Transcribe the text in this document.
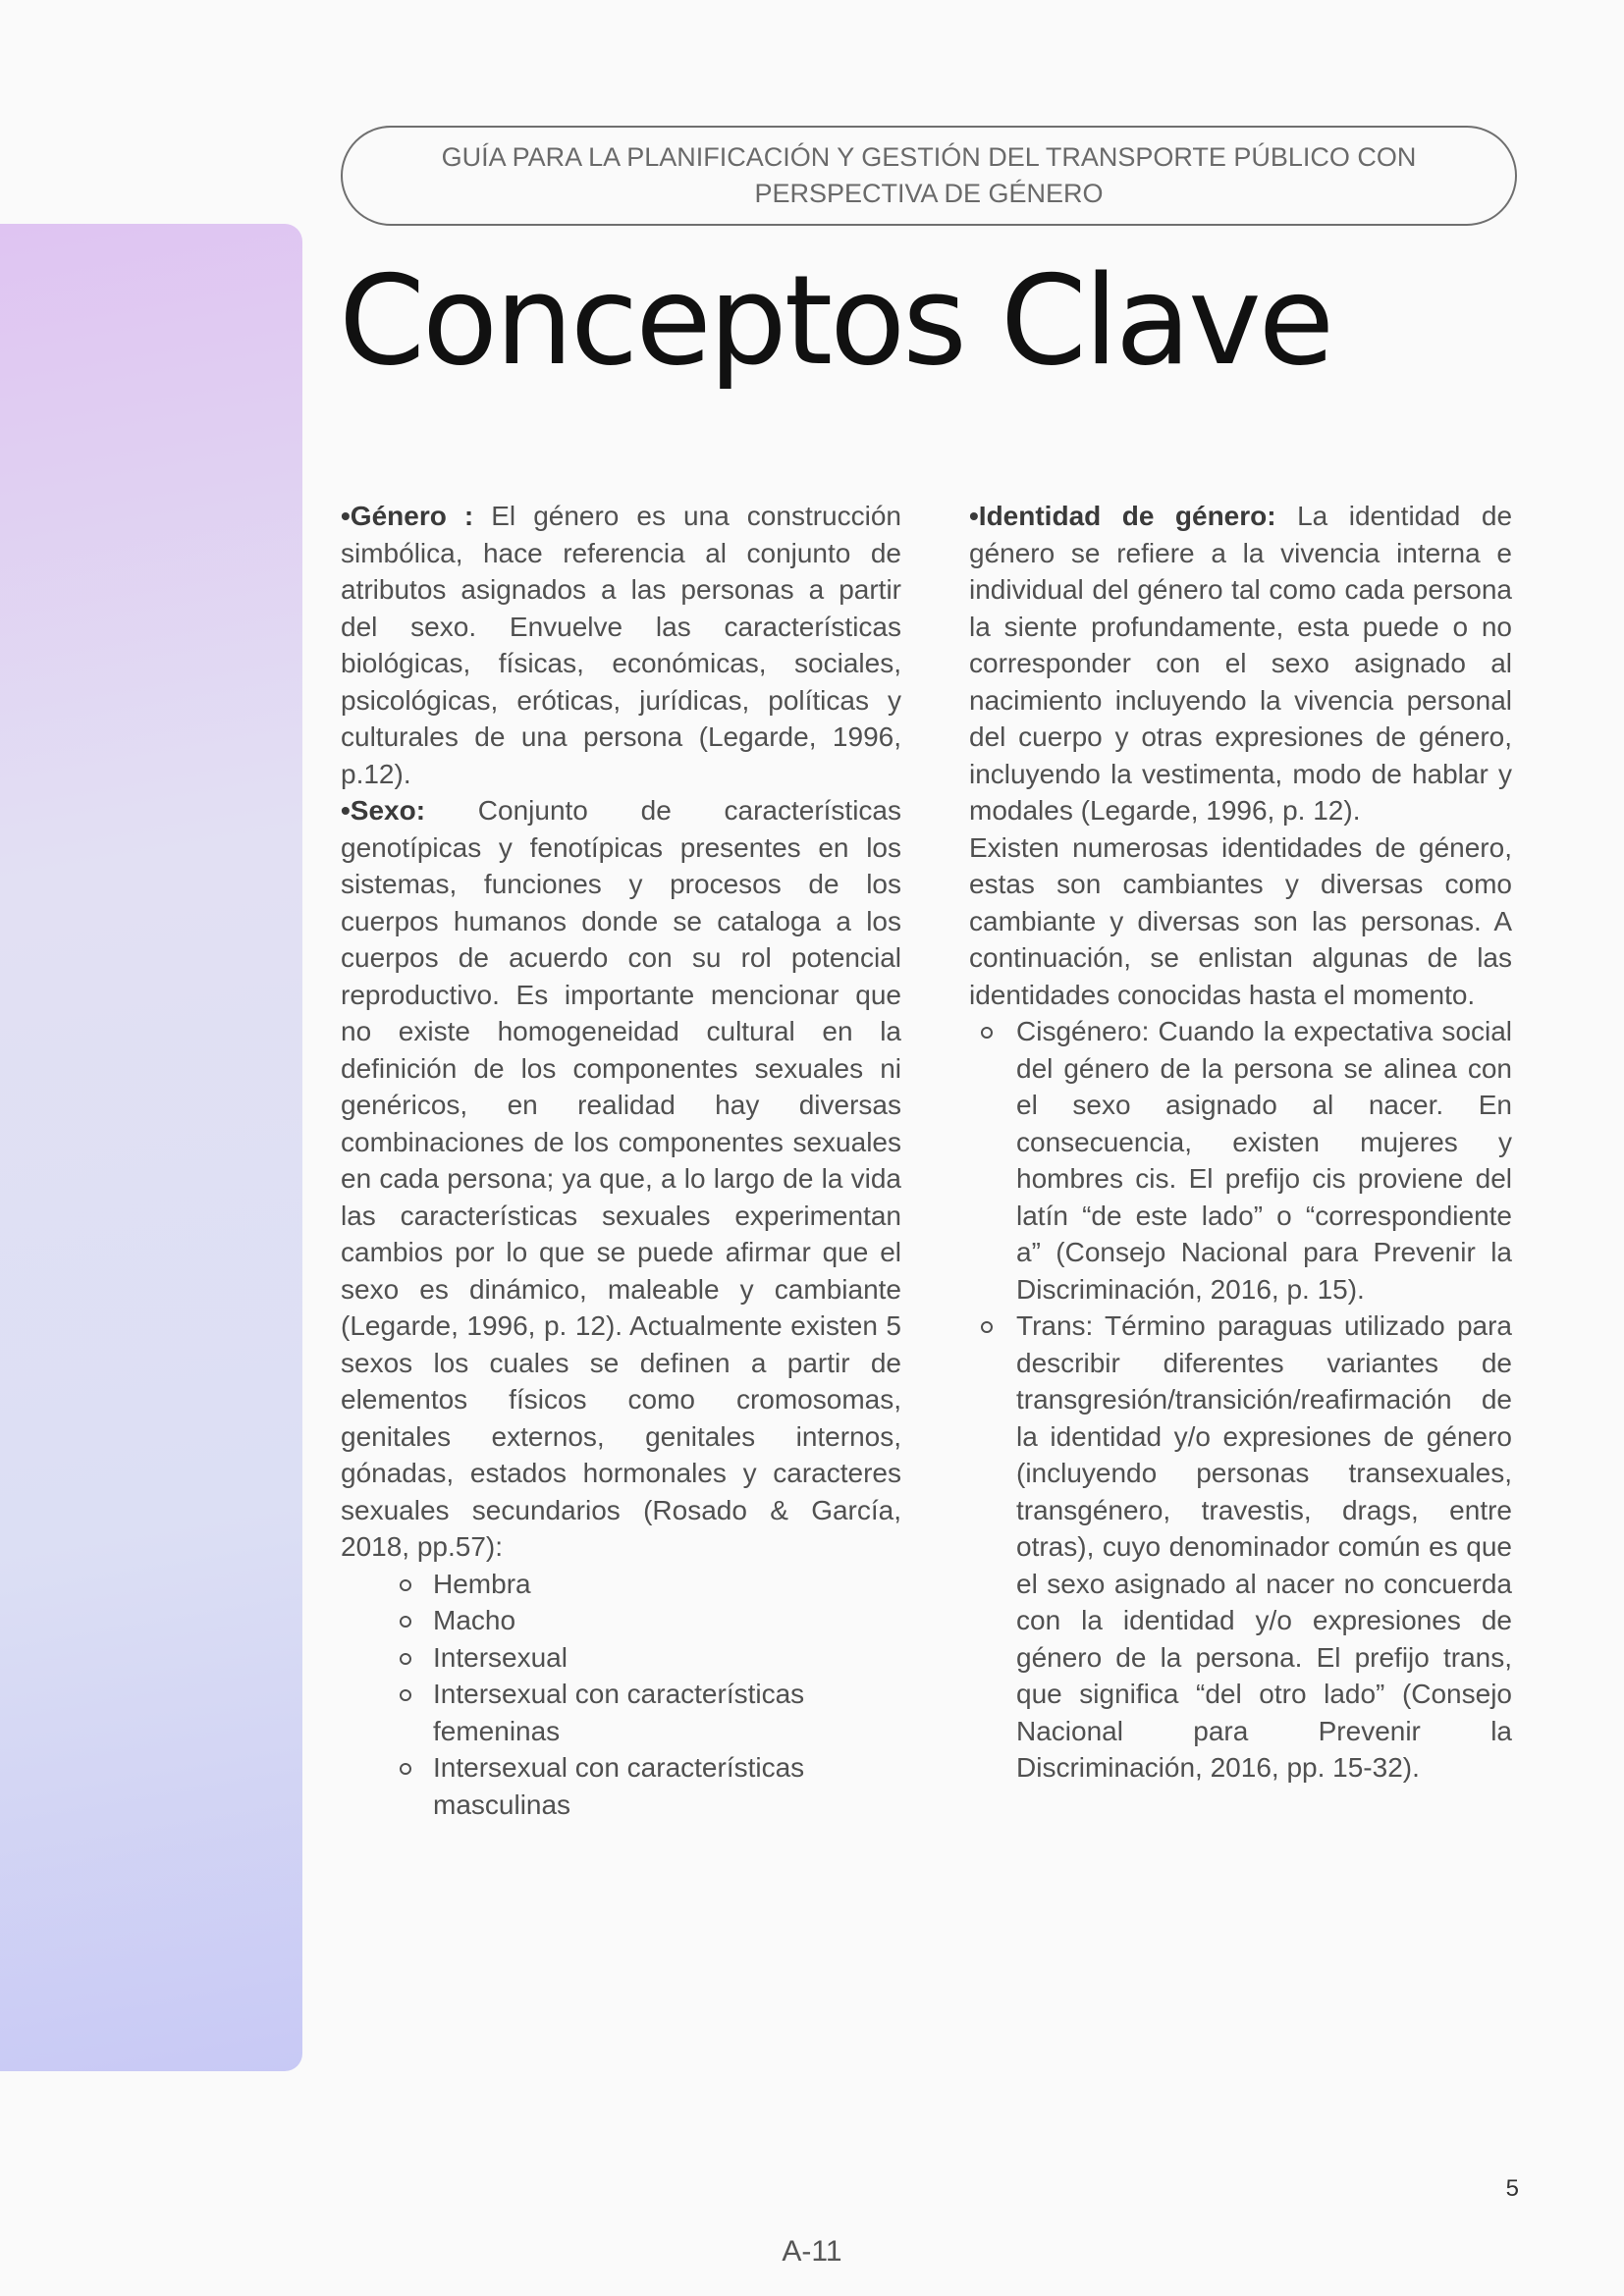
GUÍA PARA LA PLANIFICACIÓN Y GESTIÓN DEL TRANSPORTE PÚBLICO CON
PERSPECTIVA DE GÉNERO
Conceptos Clave

•Género : El género es una construcción simbólica, hace referencia al conjunto de atributos asignados a las personas a partir del sexo. Envuelve las características biológicas, físicas, económicas, sociales, psicológicas, eróticas, jurídicas, políticas y culturales de una persona (Legarde, 1996, p.12).

•Sexo: Conjunto de características genotípicas y fenotípicas presentes en los sistemas, funciones y procesos de los cuerpos humanos donde se cataloga a los cuerpos de acuerdo con su rol potencial reproductivo. Es importante mencionar que no existe homogeneidad cultural en la definición de los componentes sexuales ni genéricos, en realidad hay diversas combinaciones de los componentes sexuales en cada persona; ya que, a lo largo de la vida las características sexuales experimentan cambios por lo que se puede afirmar que el sexo es dinámico, maleable y cambiante (Legarde, 1996, p. 12). Actualmente existen 5 sexos los cuales se definen a partir de elementos físicos como cromosomas, genitales externos, genitales internos, gónadas, estados hormonales y caracteres sexuales secundarios (Rosado & García, 2018, pp.57):

Hembra
Macho
Intersexual
Intersexual con características femeninas
Intersexual con características masculinas

•Identidad de género: La identidad de género se refiere a la vivencia interna e individual del género tal como cada persona la siente profundamente, esta puede o no corresponder con el sexo asignado al nacimiento incluyendo la vivencia personal del cuerpo y otras expresiones de género, incluyendo la vestimenta, modo de hablar y modales (Legarde, 1996, p. 12).

Existen numerosas identidades de género, estas son cambiantes y diversas como cambiante y diversas son las personas. A continuación, se enlistan algunas de las identidades conocidas hasta el momento.

Cisgénero: Cuando la expectativa social del género de la persona se alinea con el sexo asignado al nacer. En consecuencia, existen mujeres y hombres cis. El prefijo cis proviene del latín “de este lado” o “correspondiente a” (Consejo Nacional para Prevenir la Discriminación, 2016, p. 15).
Trans: Término paraguas utilizado para describir diferentes variantes de transgresión/transición/reafirmación de la identidad y/o expresiones de género (incluyendo personas transexuales, transgénero, travestis, drags, entre otras), cuyo denominador común es que el sexo asignado al nacer no concuerda con la identidad y/o expresiones de género de la persona. El prefijo trans, que significa “del otro lado” (Consejo Nacional para Prevenir la Discriminación, 2016, pp. 15-32).
5
A-11
